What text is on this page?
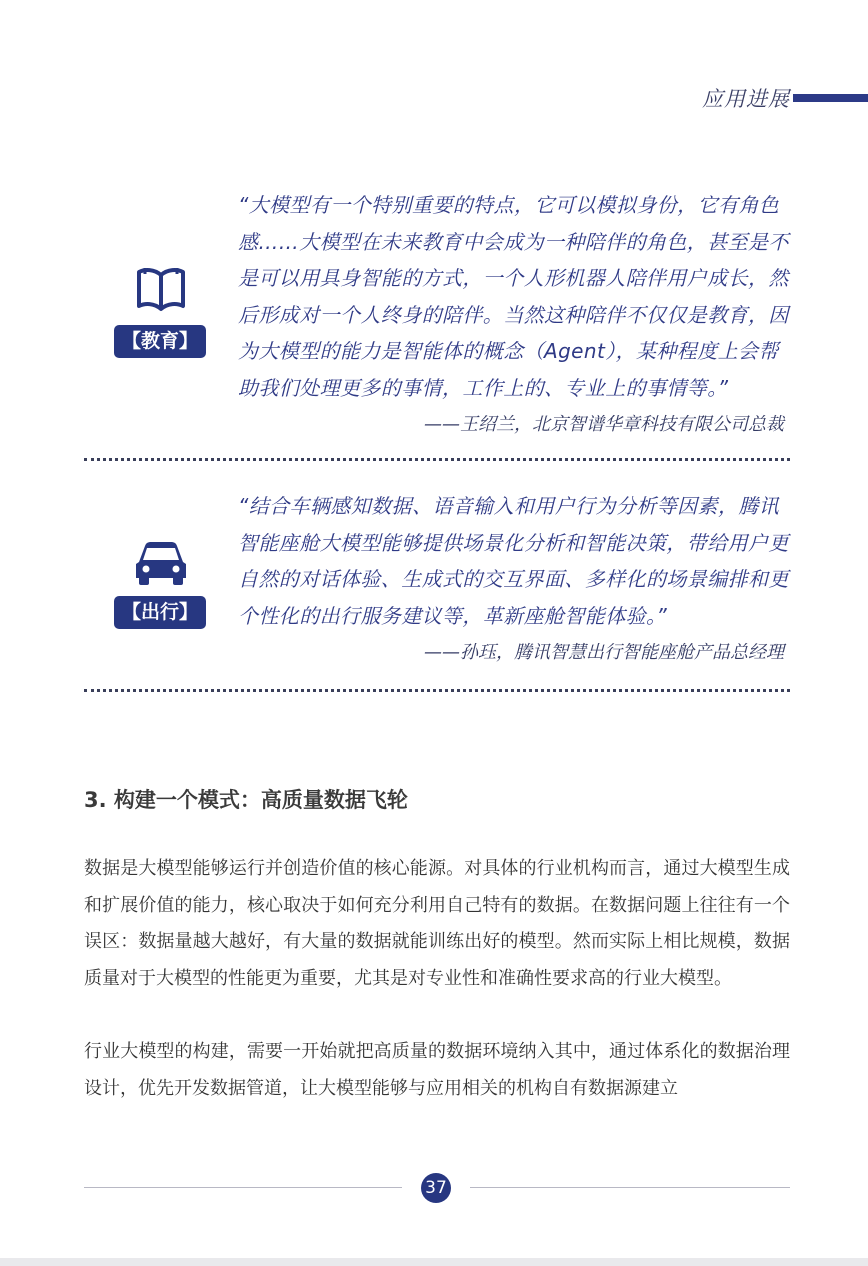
应用进展
【教育】
“大模型有一个特别重要的特点，它可以模拟身份，它有角色感……大模型在未来教育中会成为一种陪伴的角色，甚至是不是可以用具身智能的方式，一个人形机器人陪伴用户成长，然后形成对一个人终身的陪伴。当然这种陪伴不仅仅是教育，因为大模型的能力是智能体的概念（Agent），某种程度上会帮助我们处理更多的事情，工作上的、专业上的事情等。”
——王绍兰，北京智谱华章科技有限公司总裁
【出行】
“结合车辆感知数据、语音输入和用户行为分析等因素，腾讯智能座舱大模型能够提供场景化分析和智能决策，带给用户更自然的对话体验、生成式的交互界面、多样化的场景编排和更个性化的出行服务建议等，革新座舱智能体验。”
——孙珏，腾讯智慧出行智能座舱产品总经理
3. 构建一个模式：高质量数据飞轮

数据是大模型能够运行并创造价值的核心能源。对具体的行业机构而言，通过大模型生成和扩展价值的能力，核心取决于如何充分利用自己特有的数据。在数据问题上往往有一个误区：数据量越大越好，有大量的数据就能训练出好的模型。然而实际上相比规模，数据质量对于大模型的性能更为重要，尤其是对专业性和准确性要求高的行业大模型。

行业大模型的构建，需要一开始就把高质量的数据环境纳入其中，通过体系化的数据治理设计，优先开发数据管道，让大模型能够与应用相关的机构自有数据源建立

37
